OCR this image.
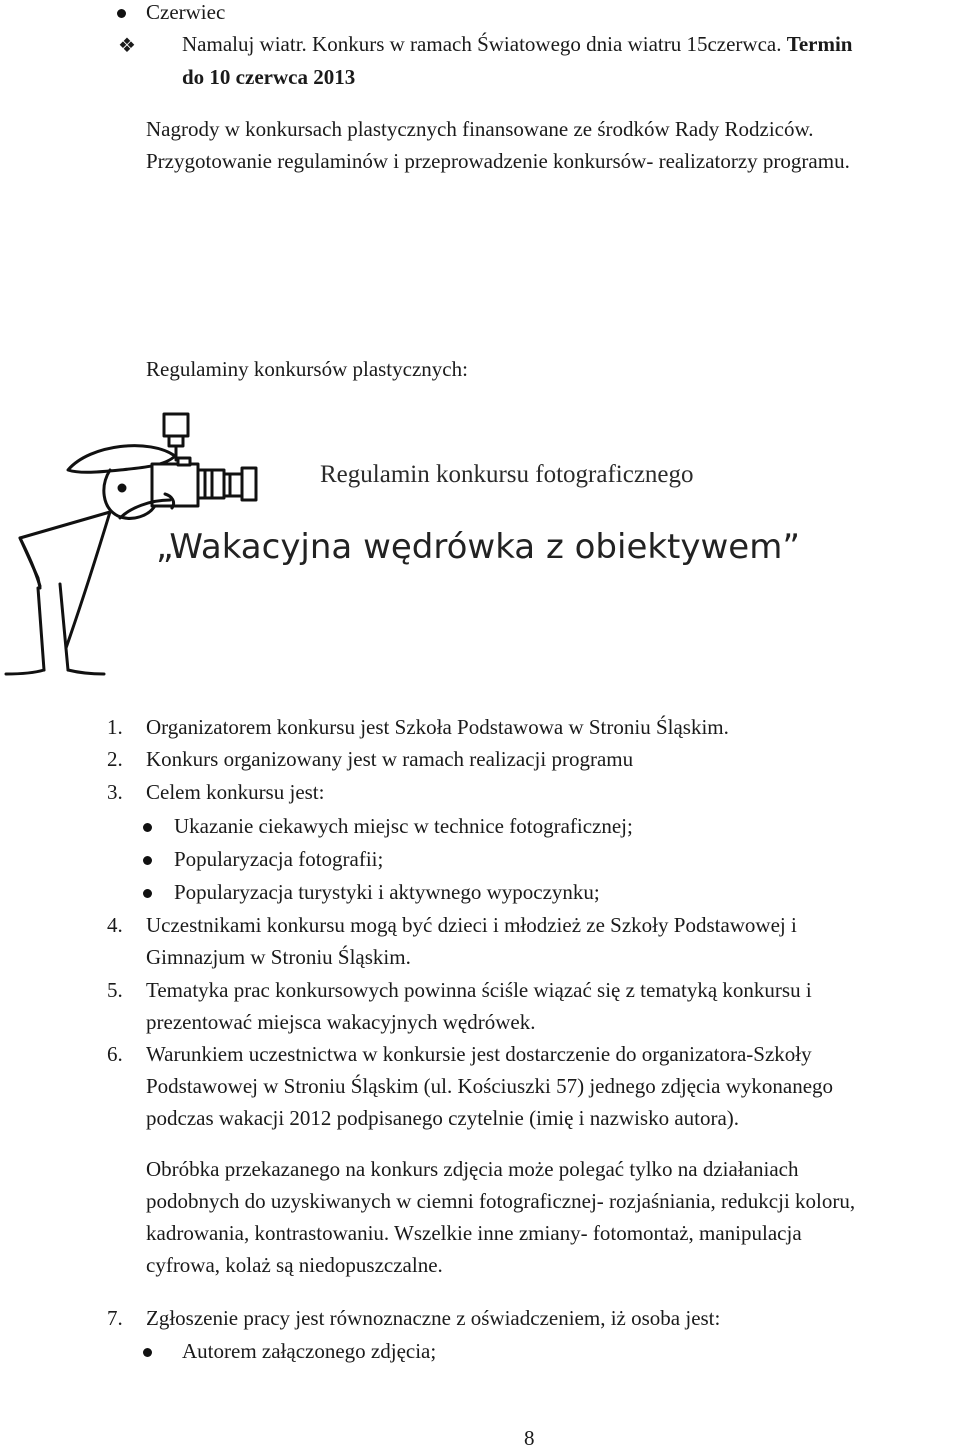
Czerwiec
❖ Namaluj wiatr. Konkurs w ramach Światowego dnia wiatru 15czerwca. Termin
do 10 czerwca 2013
Nagrody w konkursach plastycznych finansowane ze środków Rady Rodziców.
Przygotowanie regulaminów i przeprowadzenie konkursów- realizatorzy programu.
Regulaminy konkursów plastycznych:
Regulamin konkursu fotograficznego
„Wakacyjna wędrówka z obiektywem”
1. Organizatorem konkursu jest Szkoła Podstawowa w Stroniu Śląskim.
2. Konkurs organizowany jest w ramach realizacji programu
3. Celem konkursu jest:
Ukazanie ciekawych miejsc w technice fotograficznej;
Popularyzacja fotografii;
Popularyzacja turystyki i aktywnego wypoczynku;
4. Uczestnikami konkursu mogą być dzieci i młodzież ze Szkoły Podstawowej i
Gimnazjum w Stroniu Śląskim.
5. Tematyka prac konkursowych powinna ściśle wiązać się z tematyką konkursu i
prezentować miejsca wakacyjnych wędrówek.
6. Warunkiem uczestnictwa w konkursie jest dostarczenie do organizatora-Szkoły
Podstawowej w Stroniu Śląskim (ul. Kościuszki 57) jednego zdjęcia wykonanego
podczas wakacji 2012 podpisanego czytelnie (imię i nazwisko autora).
Obróbka przekazanego na konkurs zdjęcia może polegać tylko na działaniach
podobnych do uzyskiwanych w ciemni fotograficznej- rozjaśniania, redukcji koloru,
kadrowania, kontrastowaniu. Wszelkie inne zmiany- fotomontaż, manipulacja
cyfrowa, kolaż są niedopuszczalne.
7. Zgłoszenie pracy jest równoznaczne z oświadczeniem, iż osoba jest:
Autorem załączonego zdjęcia;
8
